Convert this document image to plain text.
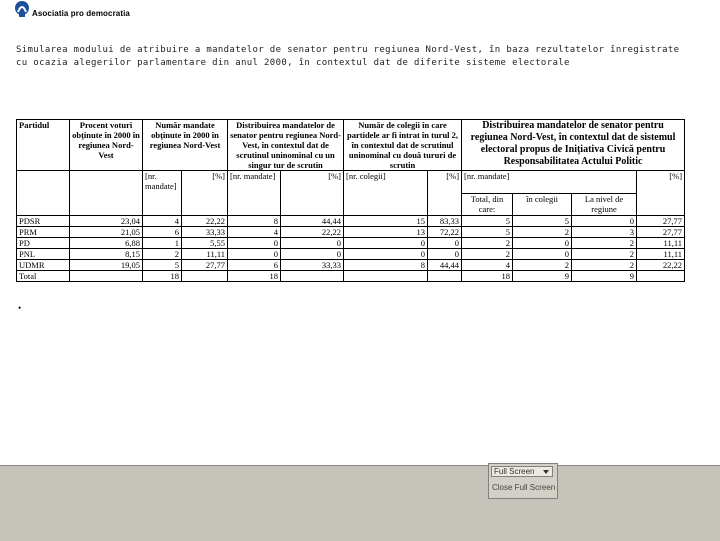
Asociatia pro democratia
Simularea modului de atribuire a mandatelor de senator pentru regiunea Nord-Vest, în baza rezultatelor înregistrate cu ocazia alegerilor parlamentare din anul 2000, în contextul dat de diferite sisteme electorale
Partidul	Procent voturi obținute în 2000 în regiunea Nord-Vest	Număr mandate obținute în 2000 în regiunea Nord-Vest		Distribuirea mandatelor de senator pentru regiunea Nord-Vest, în contextul dat de scrutinul uninominal cu un singur tur de scrutin		Număr de colegii în care partidele ar fi intrat în turul 2, în contextul dat de scrutinul uninominal cu două tururi de scrutin		Distribuirea mandatelor de senator pentru regiunea Nord-Vest, în contextul dat de sistemul electoral propus de Inițiativa Civică pentru Responsabilitatea Actului Politic			
		[nr. mandate]	[%]	[nr. mandate]	[%]	[nr. colegii]	[%]	[nr. mandate]			[%]
								Total, din care:	în colegii	La nivel de regiune	
PDSR	23,04	4	22,22	8	44,44	15	83,33	5	5	0	27,77
PRM	21,05	6	33,33	4	22,22	13	72,22	5	2	3	27,77
PD	6,88	1	5,55	0	0	0	0	2	0	2	11,11
PNL	8,15	2	11,11	0	0	0	0	2	0	2	11,11
UDMR	19,05	5	27,77	6	33,33	8	44,44	4	2	2	22,22
Total		18		18				18	9	9	
•
Full Screen
Close Full Screen
